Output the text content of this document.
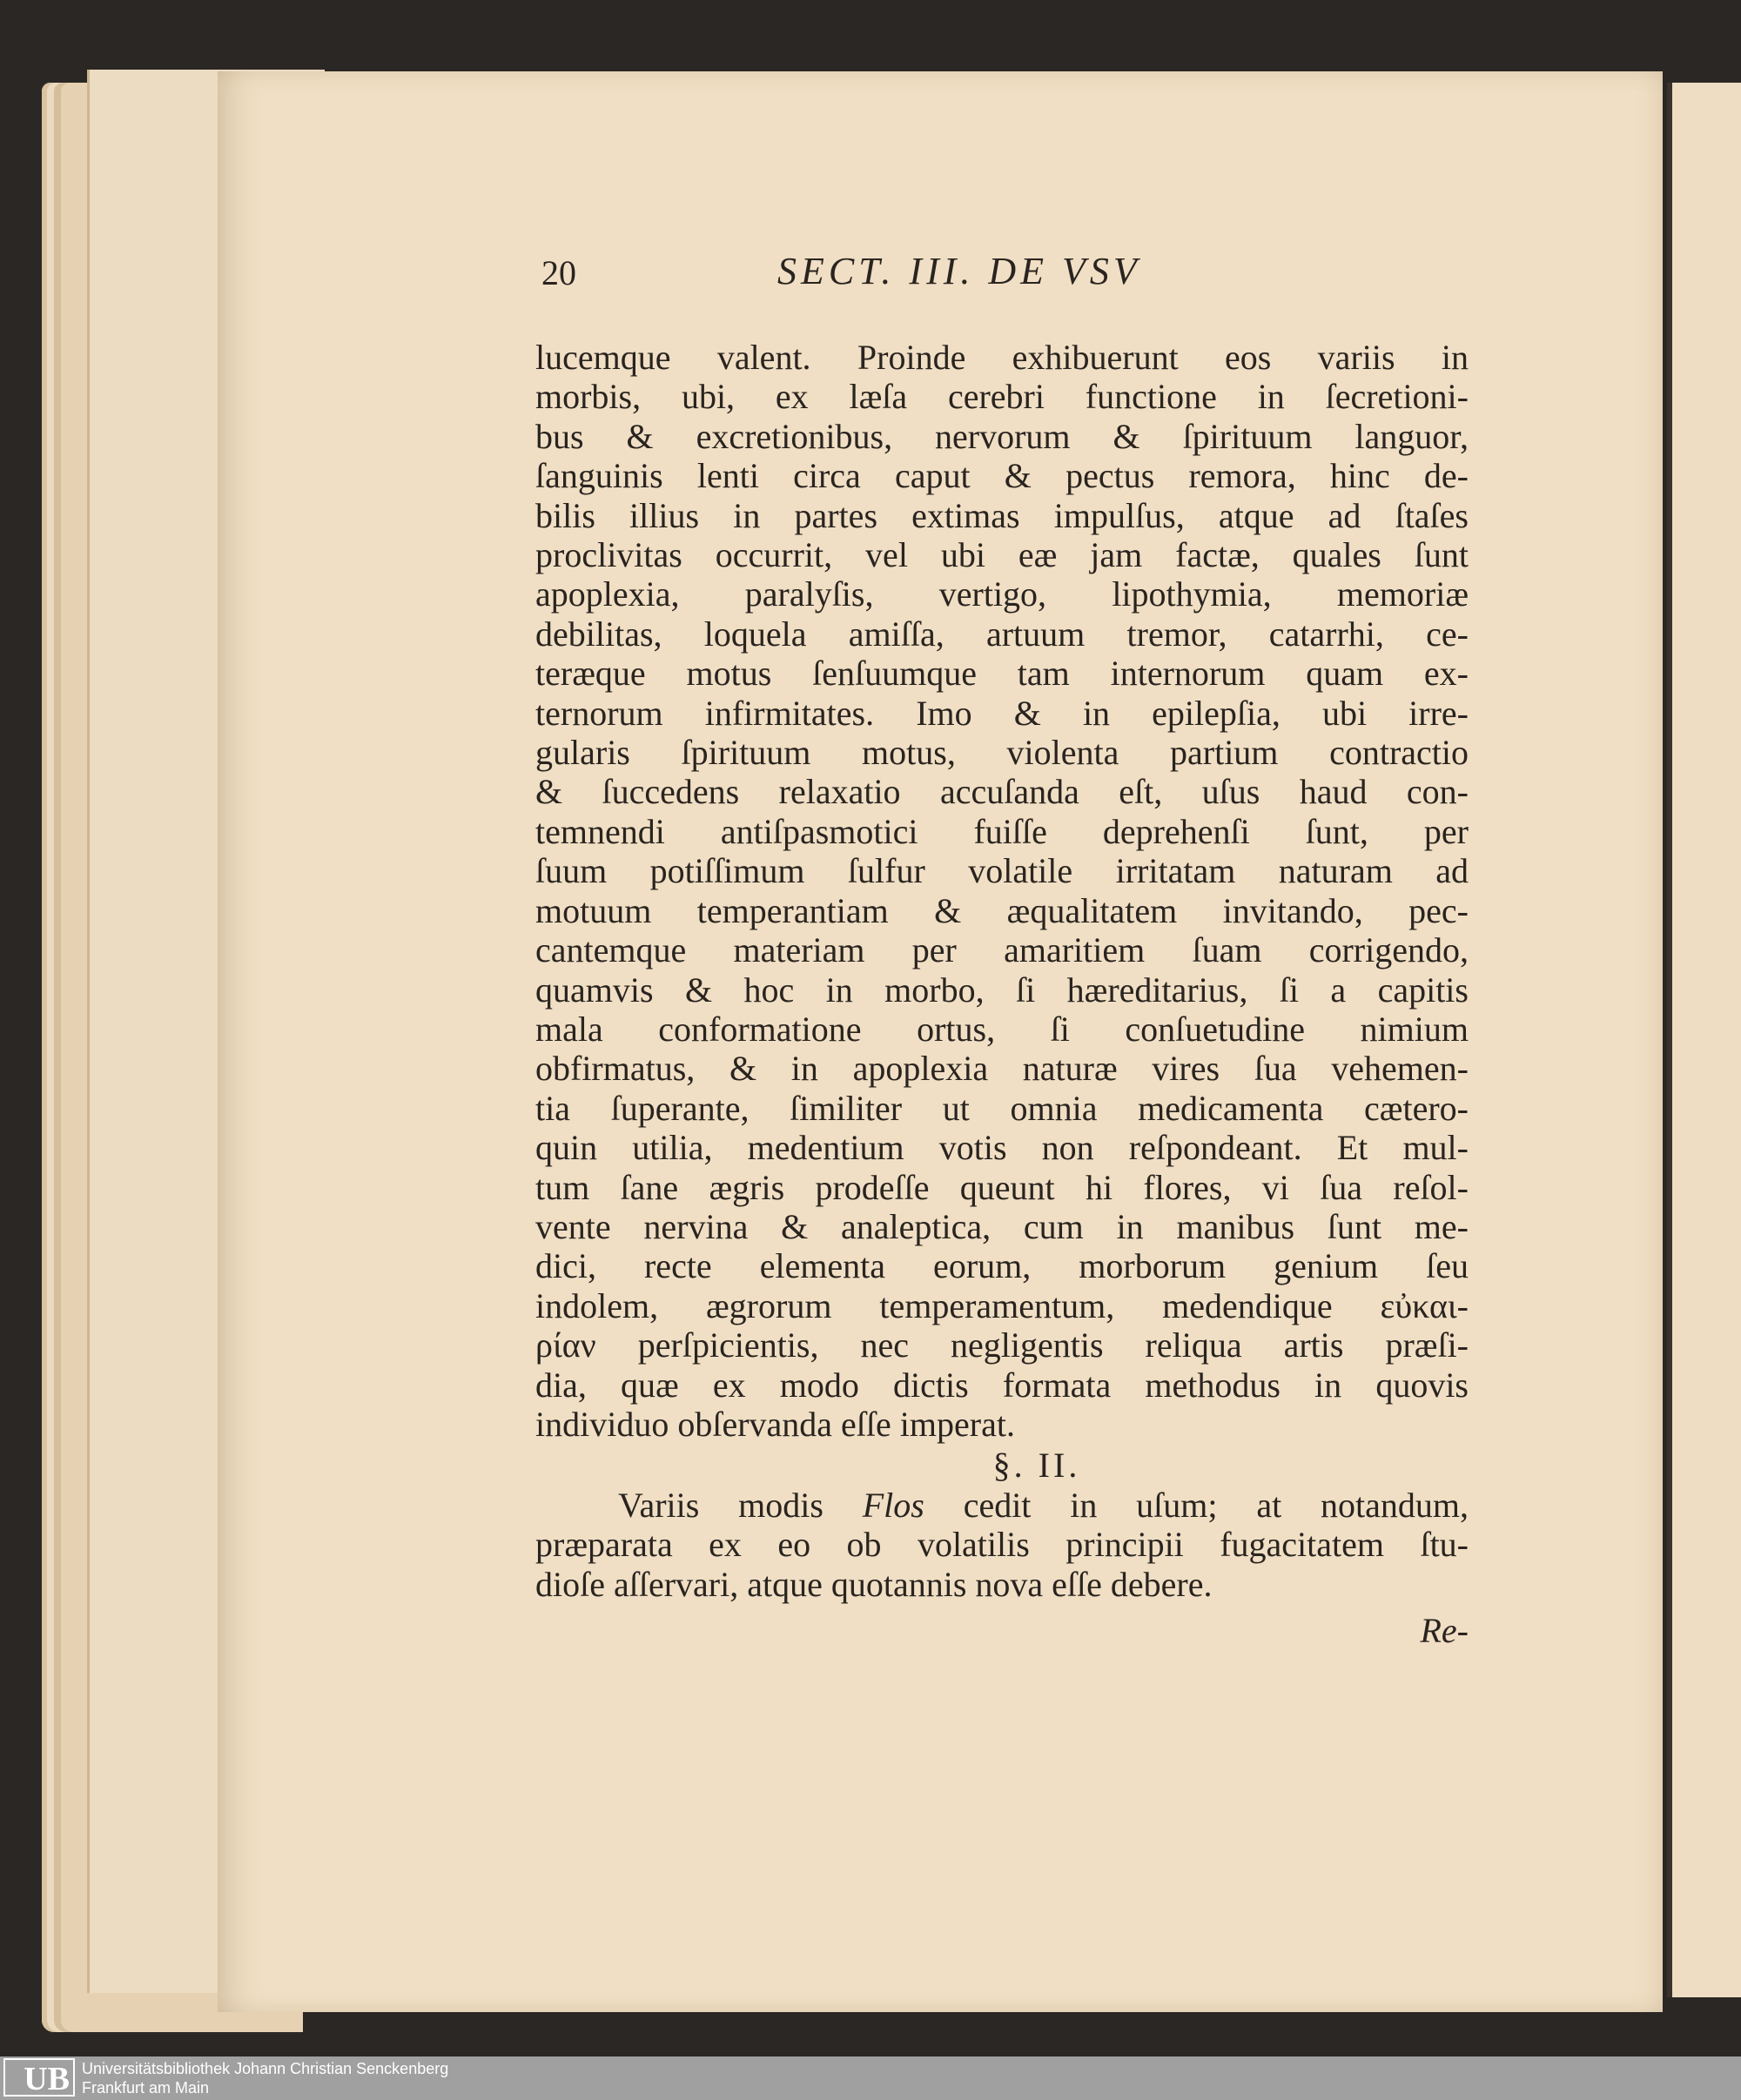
20	SECT. III. DE VSV
lucemque valent. Proinde exhibuerunt eos variis in
morbis, ubi, ex læſa cerebri functione in ſecretioni-
bus & excretionibus, nervorum & ſpirituum languor,
ſanguinis lenti circa caput & pectus remora, hinc de-
bilis illius in partes extimas impulſus, atque ad ſtaſes
proclivitas occurrit, vel ubi eæ jam factæ, quales ſunt
apoplexia, paralyſis, vertigo, lipothymia, memoriæ
debilitas, loquela amiſſa, artuum tremor, catarrhi, ce-
teræque motus ſenſuumque tam internorum quam ex-
ternorum infirmitates. Imo & in epilepſia, ubi irre-
gularis ſpirituum motus, violenta partium contractio
& ſuccedens relaxatio accuſanda eſt, uſus haud con-
temnendi antiſpasmotici fuiſſe deprehenſi ſunt, per
ſuum potiſſimum ſulfur volatile irritatam naturam ad
motuum temperantiam & æqualitatem invitando, pec-
cantemque materiam per amaritiem ſuam corrigendo,
quamvis & hoc in morbo, ſi hæreditarius, ſi a capitis
mala conformatione ortus, ſi conſuetudine nimium
obfirmatus, & in apoplexia naturæ vires ſua vehemen-
tia ſuperante, ſimiliter ut omnia medicamenta cætero-
quin utilia, medentium votis non reſpondeant. Et mul-
tum ſane ægris prodeſſe queunt hi flores, vi ſua reſol-
vente nervina & analeptica, cum in manibus ſunt me-
dici, recte elementa eorum, morborum genium ſeu
indolem, ægrorum temperamentum, medendique εὐκαι-
ρίαν perſpicientis, nec negligentis reliqua artis præſi-
dia, quæ ex modo dictis formata methodus in quovis
individuo obſervanda eſſe imperat.
§. II.
Variis modis Flos cedit in uſum; at notandum,
præparata ex eo ob volatilis principii fugacitatem ſtu-
dioſe aſſervari, atque quotannis nova eſſe debere.
Re-
UB Universitätsbibliothek Johann Christian Senckenberg
Frankfurt am Main
